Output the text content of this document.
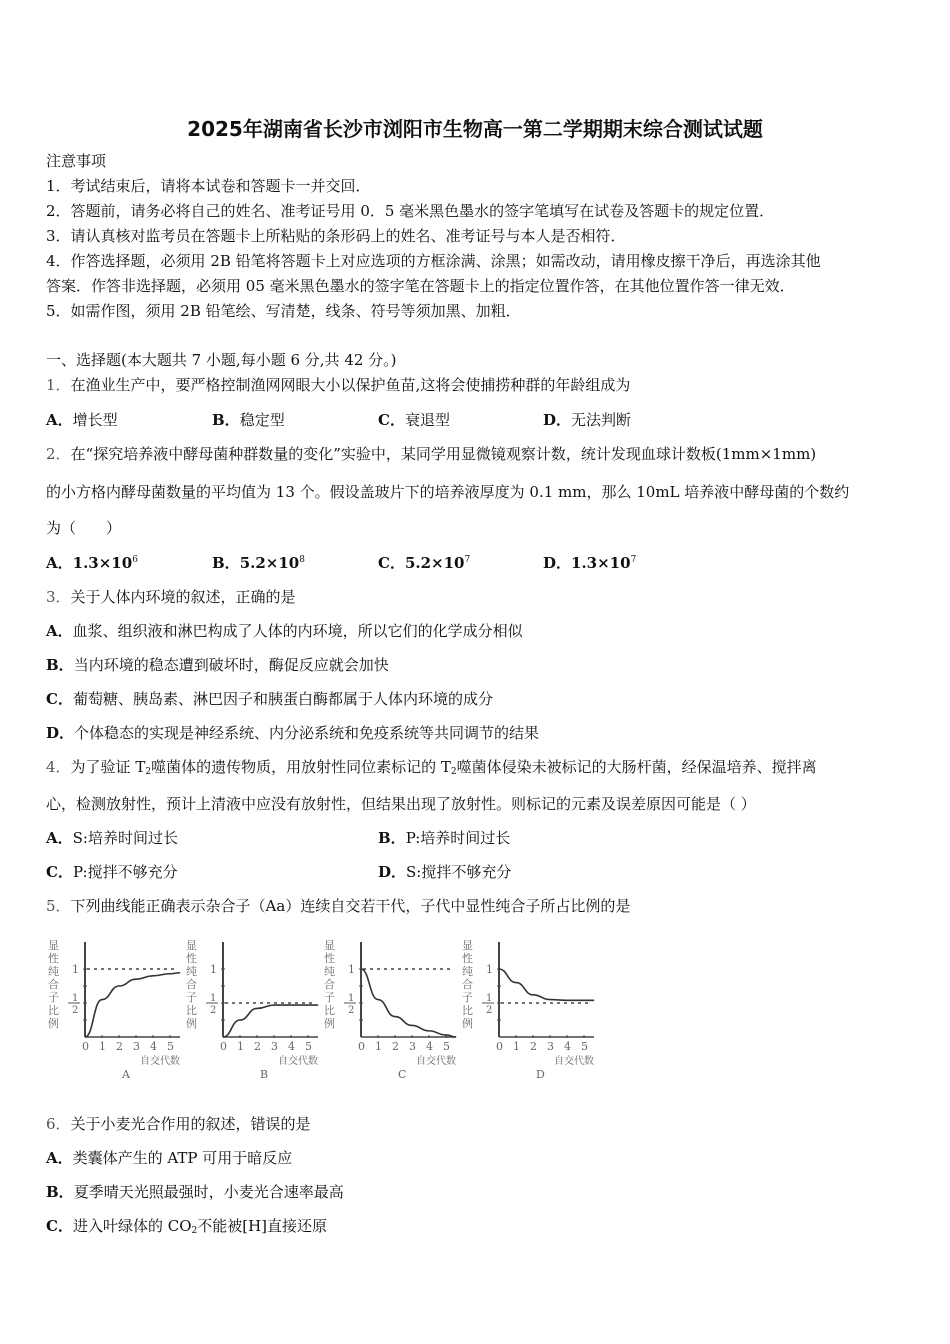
2025年湖南省长沙市浏阳市生物高一第二学期期末综合测试试题
注意事项
1．考试结束后，请将本试卷和答题卡一并交回．
2．答题前，请务必将自己的姓名、准考证号用 0．5 毫米黑色墨水的签字笔填写在试卷及答题卡的规定位置．
3．请认真核对监考员在答题卡上所粘贴的条形码上的姓名、准考证号与本人是否相符．
4．作答选择题，必须用 2B 铅笔将答题卡上对应选项的方框涂满、涂黑；如需改动，请用橡皮擦干净后，再选涂其他
答案．作答非选择题，必须用 05 毫米黑色墨水的签字笔在答题卡上的指定位置作答，在其他位置作答一律无效．
5．如需作图，须用 2B 铅笔绘、写清楚，线条、符号等须加黑、加粗．
一、选择题(本大题共 7 小题,每小题 6 分,共 42 分。)
1．在渔业生产中，要严格控制渔网网眼大小以保护鱼苗,这将会使捕捞种群的年龄组成为
A．增长型	B．稳定型	C．衰退型	D．无法判断
2．在“探究培养液中酵母菌种群数量的变化”实验中，某同学用显微镜观察计数，统计发现血球计数板(1mm×1mm)
的小方格内酵母菌数量的平均值为 13 个。假设盖玻片下的培养液厚度为 0.1 mm，那么 10mL 培养液中酵母菌的个数约
为（　　）
A．$1.3\times 10^6$	B．$5.2\times 10^8$	C．$5.2\times 10^7$	D．$1.3\times 10^7$
3．关于人体内环境的叙述，正确的是
A．血浆、组织液和淋巴构成了人体的内环境，所以它们的化学成分相似
B．当内环境的稳态遭到破坏时，酶促反应就会加快
C．葡萄糖、胰岛素、淋巴因子和胰蛋白酶都属于人体内环境的成分
D．个体稳态的实现是神经系统、内分泌系统和免疫系统等共同调节的结果
4．为了验证 $T_2$噬菌体的遗传物质，用放射性同位素标记的 $T_2$噬菌体侵染未被标记的大肠杆菌，经保温培养、搅拌离
心，检测放射性，预计上清液中应没有放射性，但结果出现了放射性。则标记的元素及误差原因可能是（ ）
A．S:培养时间过长	B．P:培养时间过长
C．P:搅拌不够充分	D．S:搅拌不够充分
5．下列曲线能正确表示杂合子（Aa）连续自交若干代，子代中显性纯合子所占比例的是
显
性
纯
合
子
比
例
1
1
2
0 1 2 3 4 5
自交代数
A
显
性
纯
合
子
比
例
1
1
2
0 1 2 3 4 5
自交代数
B
显
性
纯
合
子
比
例
1
1
2
0 1 2 3 4 5
自交代数
C
显
性
纯
合
子
比
例
1
1
2
0 1 2 3 4 5
自交代数
D
6．关于小麦光合作用的叙述，错误的是
A．类囊体产生的 ATP 可用于暗反应
B．夏季晴天光照最强时，小麦光合速率最高
C．进入叶绿体的 $CO_2$不能被[H]直接还原
